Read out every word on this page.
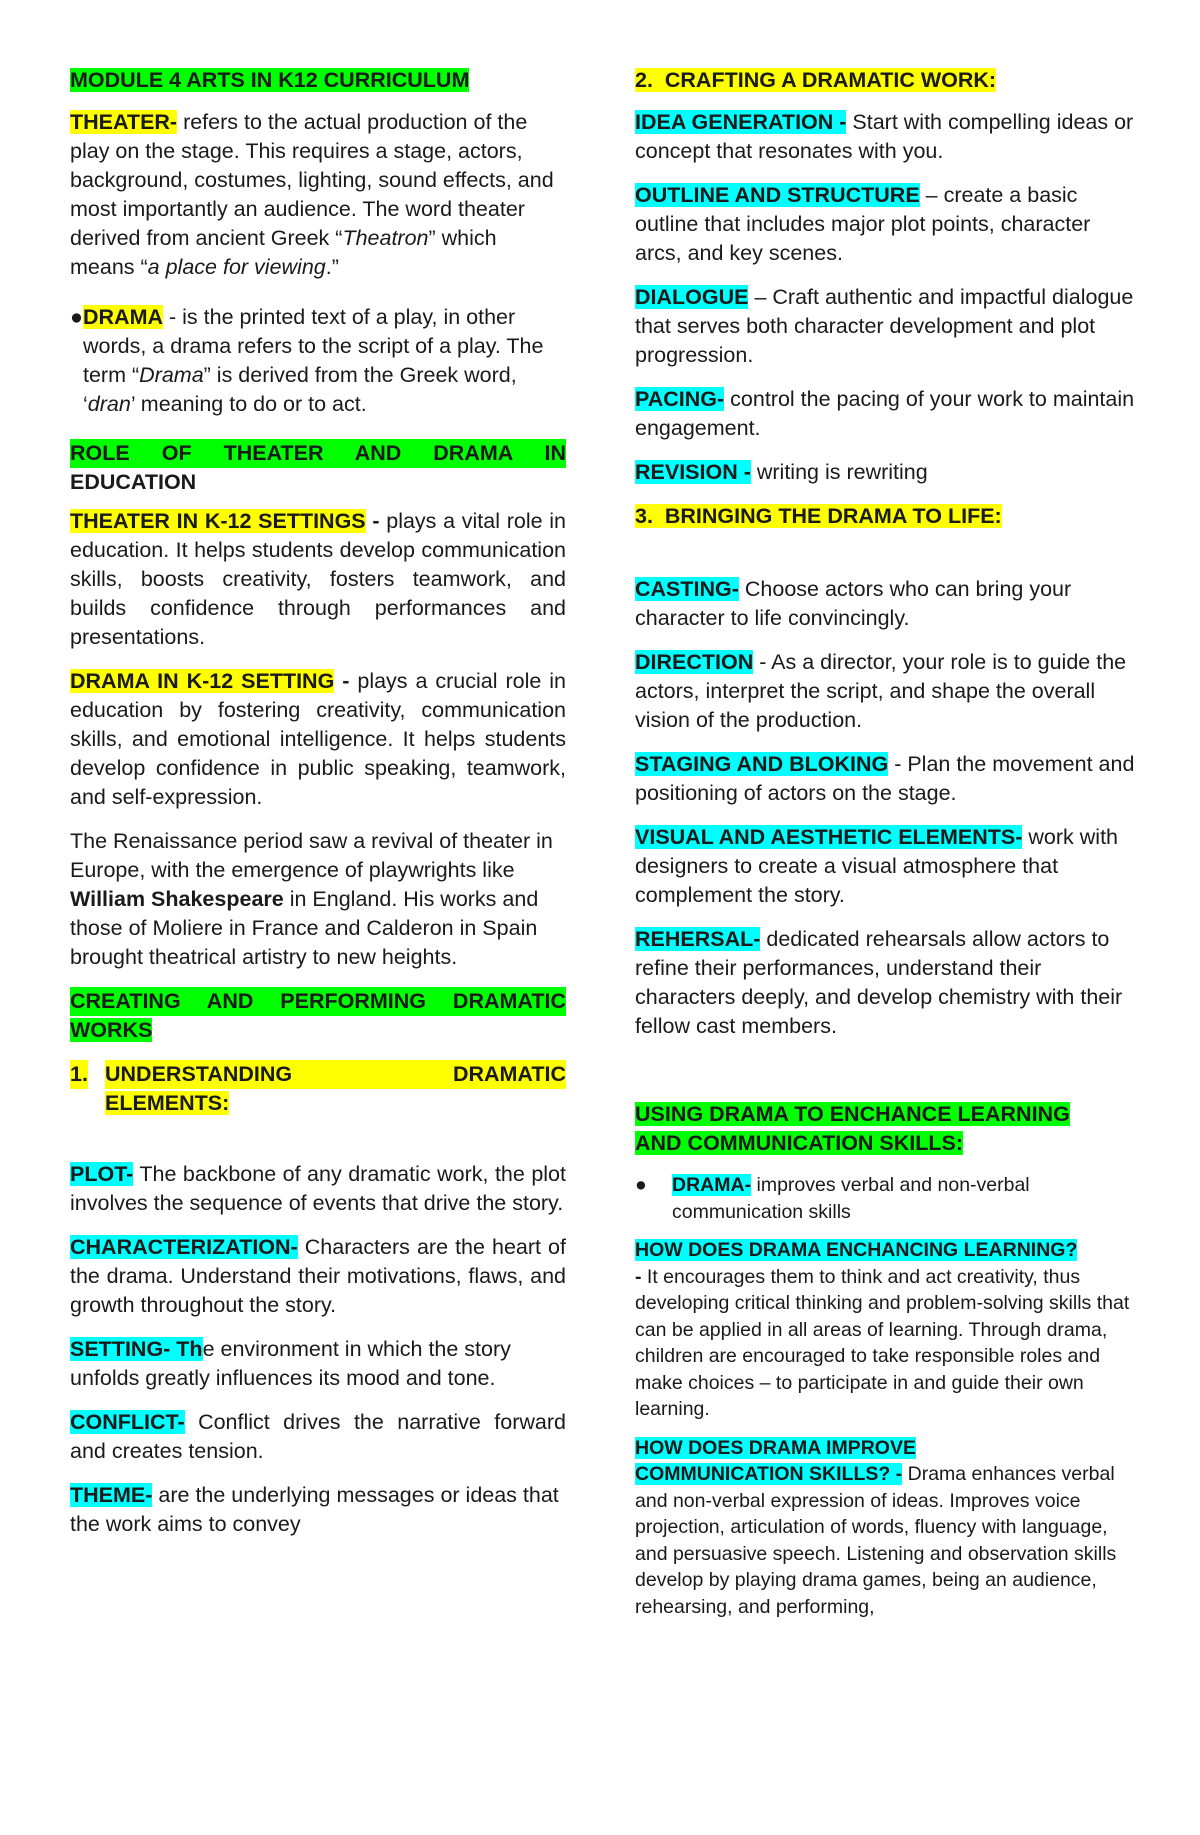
MODULE 4 ARTS IN K12 CURRICULUM

THEATER- refers to the actual production of the play on the stage. This requires a stage, actors, background, costumes, lighting, sound effects, and most importantly an audience. The word theater derived from ancient Greek “Theatron” which means “a place for viewing.”

● DRAMA - is the printed text of a play, in other words, a drama refers to the script of a play. The term “Drama” is derived from the Greek word, ‘dran’ meaning to do or to act.

ROLE OF THEATER AND DRAMA IN

EDUCATION

THEATER IN K-12 SETTINGS - plays a vital role in education. It helps students develop communication skills, boosts creativity, fosters teamwork, and builds confidence through performances and presentations.

DRAMA IN K-12 SETTING - plays a crucial role in education by fostering creativity, communication skills, and emotional intelligence. It helps students develop confidence in public speaking, teamwork, and self-expression.

The Renaissance period saw a revival of theater in Europe, with the emergence of playwrights like William Shakespeare in England. His works and those of Moliere in France and Calderon in Spain brought theatrical artistry to new heights.

CREATING AND PERFORMING DRAMATIC

WORKS

1. UNDERSTANDING	DRAMATIC
ELEMENTS:

PLOT- The backbone of any dramatic work, the plot involves the sequence of events that drive the story.

CHARACTERIZATION- Characters are the heart of the drama. Understand their motivations, flaws, and growth throughout the story.

SETTING- The environment in which the story unfolds greatly influences its mood and tone.

CONFLICT- Conflict drives the narrative forward and creates tension.

THEME- are the underlying messages or ideas that the work aims to convey

2.  CRAFTING A DRAMATIC WORK:

IDEA GENERATION - Start with compelling ideas or concept that resonates with you.

OUTLINE AND STRUCTURE – create a basic outline that includes major plot points, character arcs, and key scenes.

DIALOGUE – Craft authentic and impactful dialogue that serves both character development and plot progression.

PACING- control the pacing of your work to maintain engagement.

REVISION - writing is rewriting

3.  BRINGING THE DRAMA TO LIFE:

CASTING- Choose actors who can bring your character to life convincingly.

DIRECTION - As a director, your role is to guide the actors, interpret the script, and shape the overall vision of the production.

STAGING AND BLOKING - Plan the movement and positioning of actors on the stage.

VISUAL AND AESTHETIC ELEMENTS- work with designers to create a visual atmosphere that complement the story.

REHERSAL- dedicated rehearsals allow actors to refine their performances, understand their characters deeply, and develop chemistry with their fellow cast members.

USING DRAMA TO ENCHANCE LEARNING

AND COMMUNICATION SKILLS:

● DRAMA- improves verbal and non-verbal communication skills

HOW DOES DRAMA ENCHANCING LEARNING?
- It encourages them to think and act creativity, thus developing critical thinking and problem-solving skills that can be applied in all areas of learning. Through drama, children are encouraged to take responsible roles and make choices – to participate in and guide their own learning.

HOW DOES DRAMA IMPROVE
COMMUNICATION SKILLS? - Drama enhances verbal and non-verbal expression of ideas. Improves voice projection, articulation of words, fluency with language, and persuasive speech. Listening and observation skills develop by playing drama games, being an audience, rehearsing, and performing,
